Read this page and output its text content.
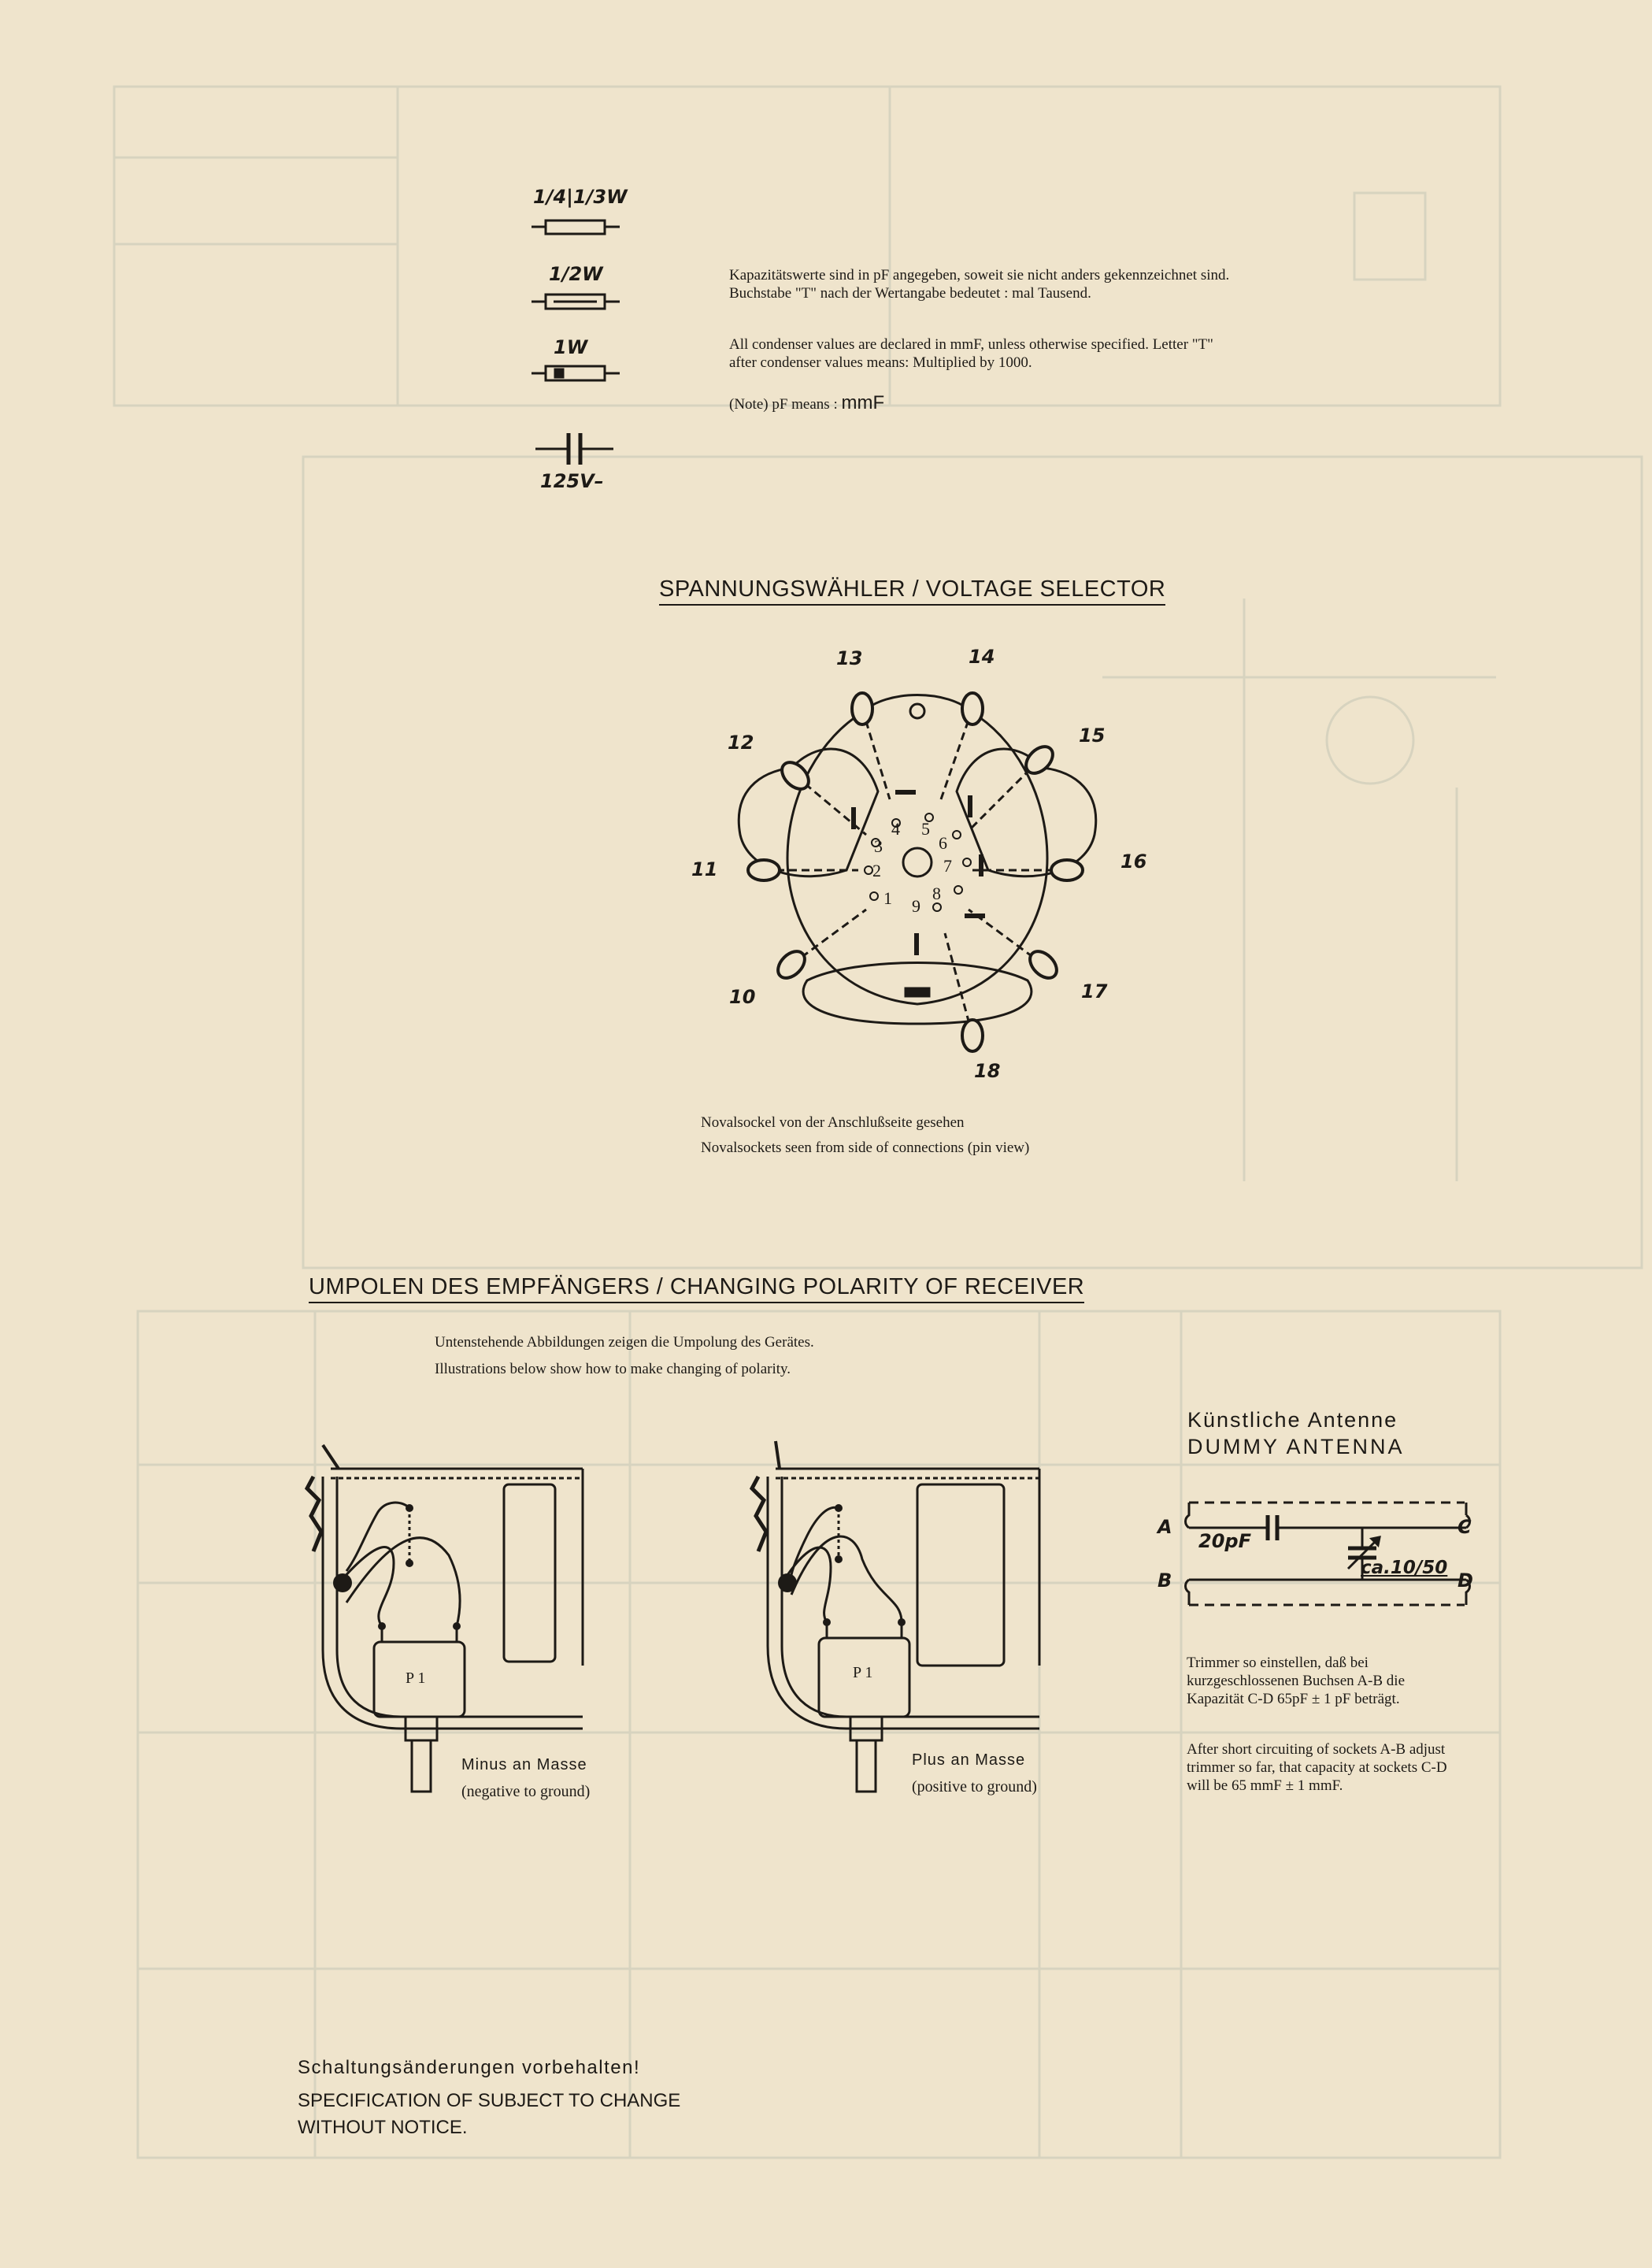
1/4|1/3W
1/2W
1W
125V–
Kapazitätswerte sind in pF angegeben, soweit sie nicht anders gekennzeichnet sind. Buchstabe "T" nach der Wertangabe bedeutet : mal Tausend.
All condenser values are declared in mmF, unless otherwise specified. Letter "T" after condenser values means: Multiplied by 1000.
(Note) pF means : mmF
SPANNUNGSWÄHLER / VOLTAGE SELECTOR
13	14
15
16
17
18
10
11
12
1
2
3
4 5
6
7
8
9
Novalsockel von der Anschlußseite gesehen
Novalsockets seen from side of connections (pin view)
UMPOLEN DES EMPFÄNGERS / CHANGING POLARITY OF RECEIVER
Untenstehende Abbildungen zeigen die Umpolung des Gerätes.
Illustrations below show how to make changing of polarity.
P 1
Minus an Masse
(negative to ground)
P 1
Plus an Masse
(positive to ground)
Künstliche Antenne
DUMMY ANTENNA
A
B
C
D
20pF
ca.10/50
Trimmer so einstellen, daß bei kurzgeschlossenen Buchsen A-B die Kapazität C-D 65pF ± 1 pF beträgt.
After short circuiting of sockets A-B adjust trimmer so far, that capacity at sockets C-D will be 65 mmF ± 1 mmF.
Schaltungsänderungen vorbehalten!
SPECIFICATION OF SUBJECT TO CHANGE
WITHOUT NOTICE.
